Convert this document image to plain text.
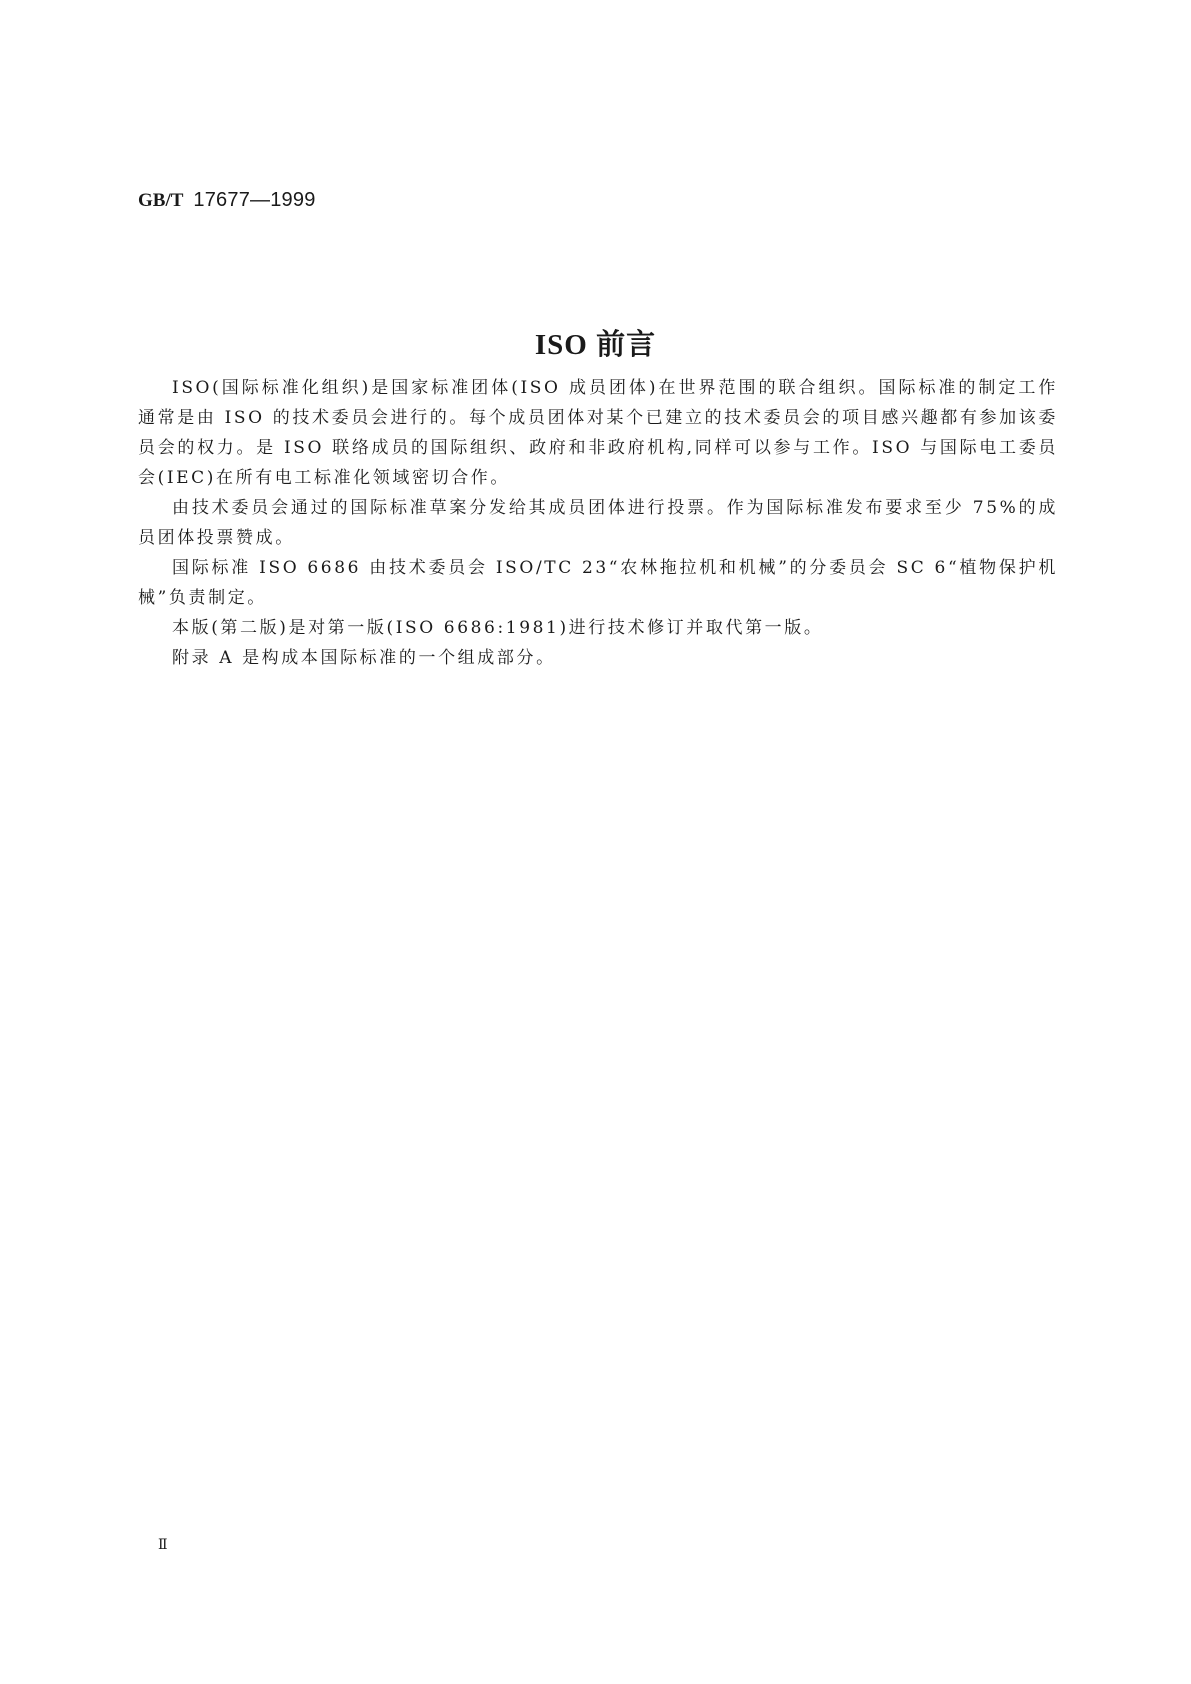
GB/T 17677—1999
ISO 前言

ISO(国际标准化组织)是国家标准团体(ISO 成员团体)在世界范围的联合组织。国际标准的制定工作通常是由 ISO 的技术委员会进行的。每个成员团体对某个已建立的技术委员会的项目感兴趣都有参加该委员会的权力。是 ISO 联络成员的国际组织、政府和非政府机构,同样可以参与工作。ISO 与国际电工委员会(IEC)在所有电工标准化领域密切合作。

由技术委员会通过的国际标准草案分发给其成员团体进行投票。作为国际标准发布要求至少 75%的成员团体投票赞成。

国际标准 ISO 6686 由技术委员会 ISO/TC 23“农林拖拉机和机械”的分委员会 SC 6“植物保护机械”负责制定。

本版(第二版)是对第一版(ISO 6686:1981)进行技术修订并取代第一版。

附录 A 是构成本国际标准的一个组成部分。

Ⅱ
